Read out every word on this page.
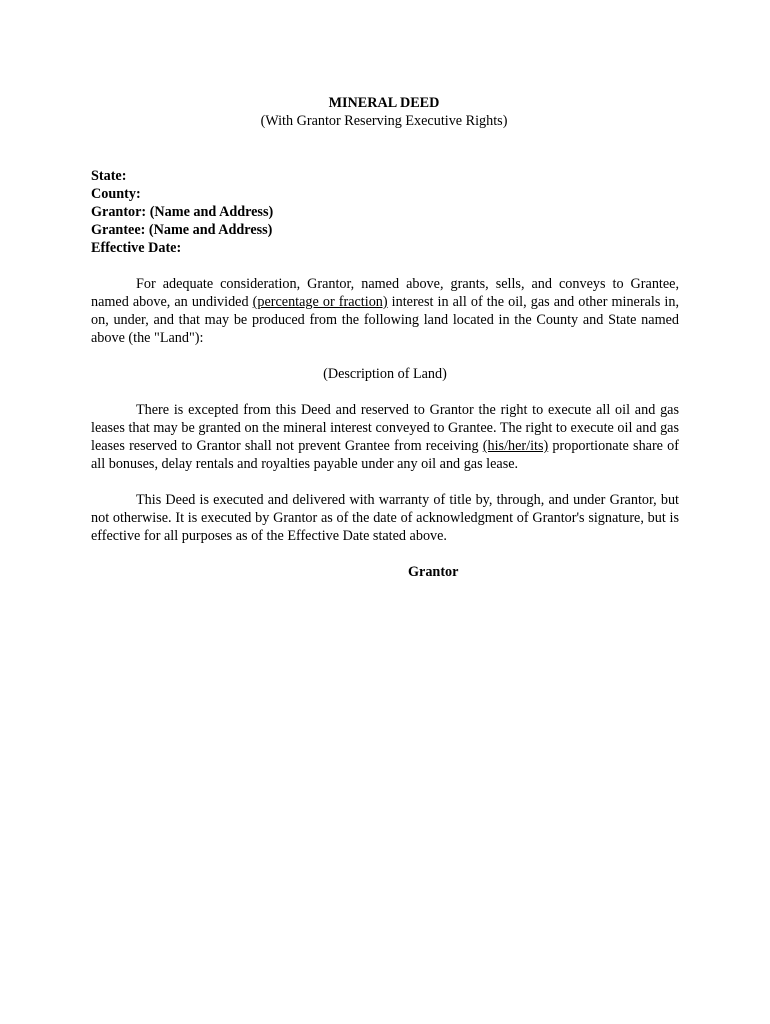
MINERAL DEED

(With Grantor Reserving Executive Rights)

State:

County:

Grantor: (Name and Address)

Grantee: (Name and Address)

Effective Date:

For adequate consideration, Grantor, named above, grants, sells, and conveys to Grantee, named above, an undivided (percentage or fraction) interest in all of the oil, gas and other minerals in, on, under, and that may be produced from the following land located in the County and State named above (the "Land"):

(Description of Land)

There is excepted from this Deed and reserved to Grantor the right to execute all oil and gas leases that may be granted on the mineral interest conveyed to Grantee. The right to execute oil and gas leases reserved to Grantor shall not prevent Grantee from receiving (his/her/its) proportionate share of all bonuses, delay rentals and royalties payable under any oil and gas lease.

This Deed is executed and delivered with warranty of title by, through, and under Grantor, but not otherwise. It is executed by Grantor as of the date of acknowledgment of Grantor's signature, but is effective for all purposes as of the Effective Date stated above.

Grantor
